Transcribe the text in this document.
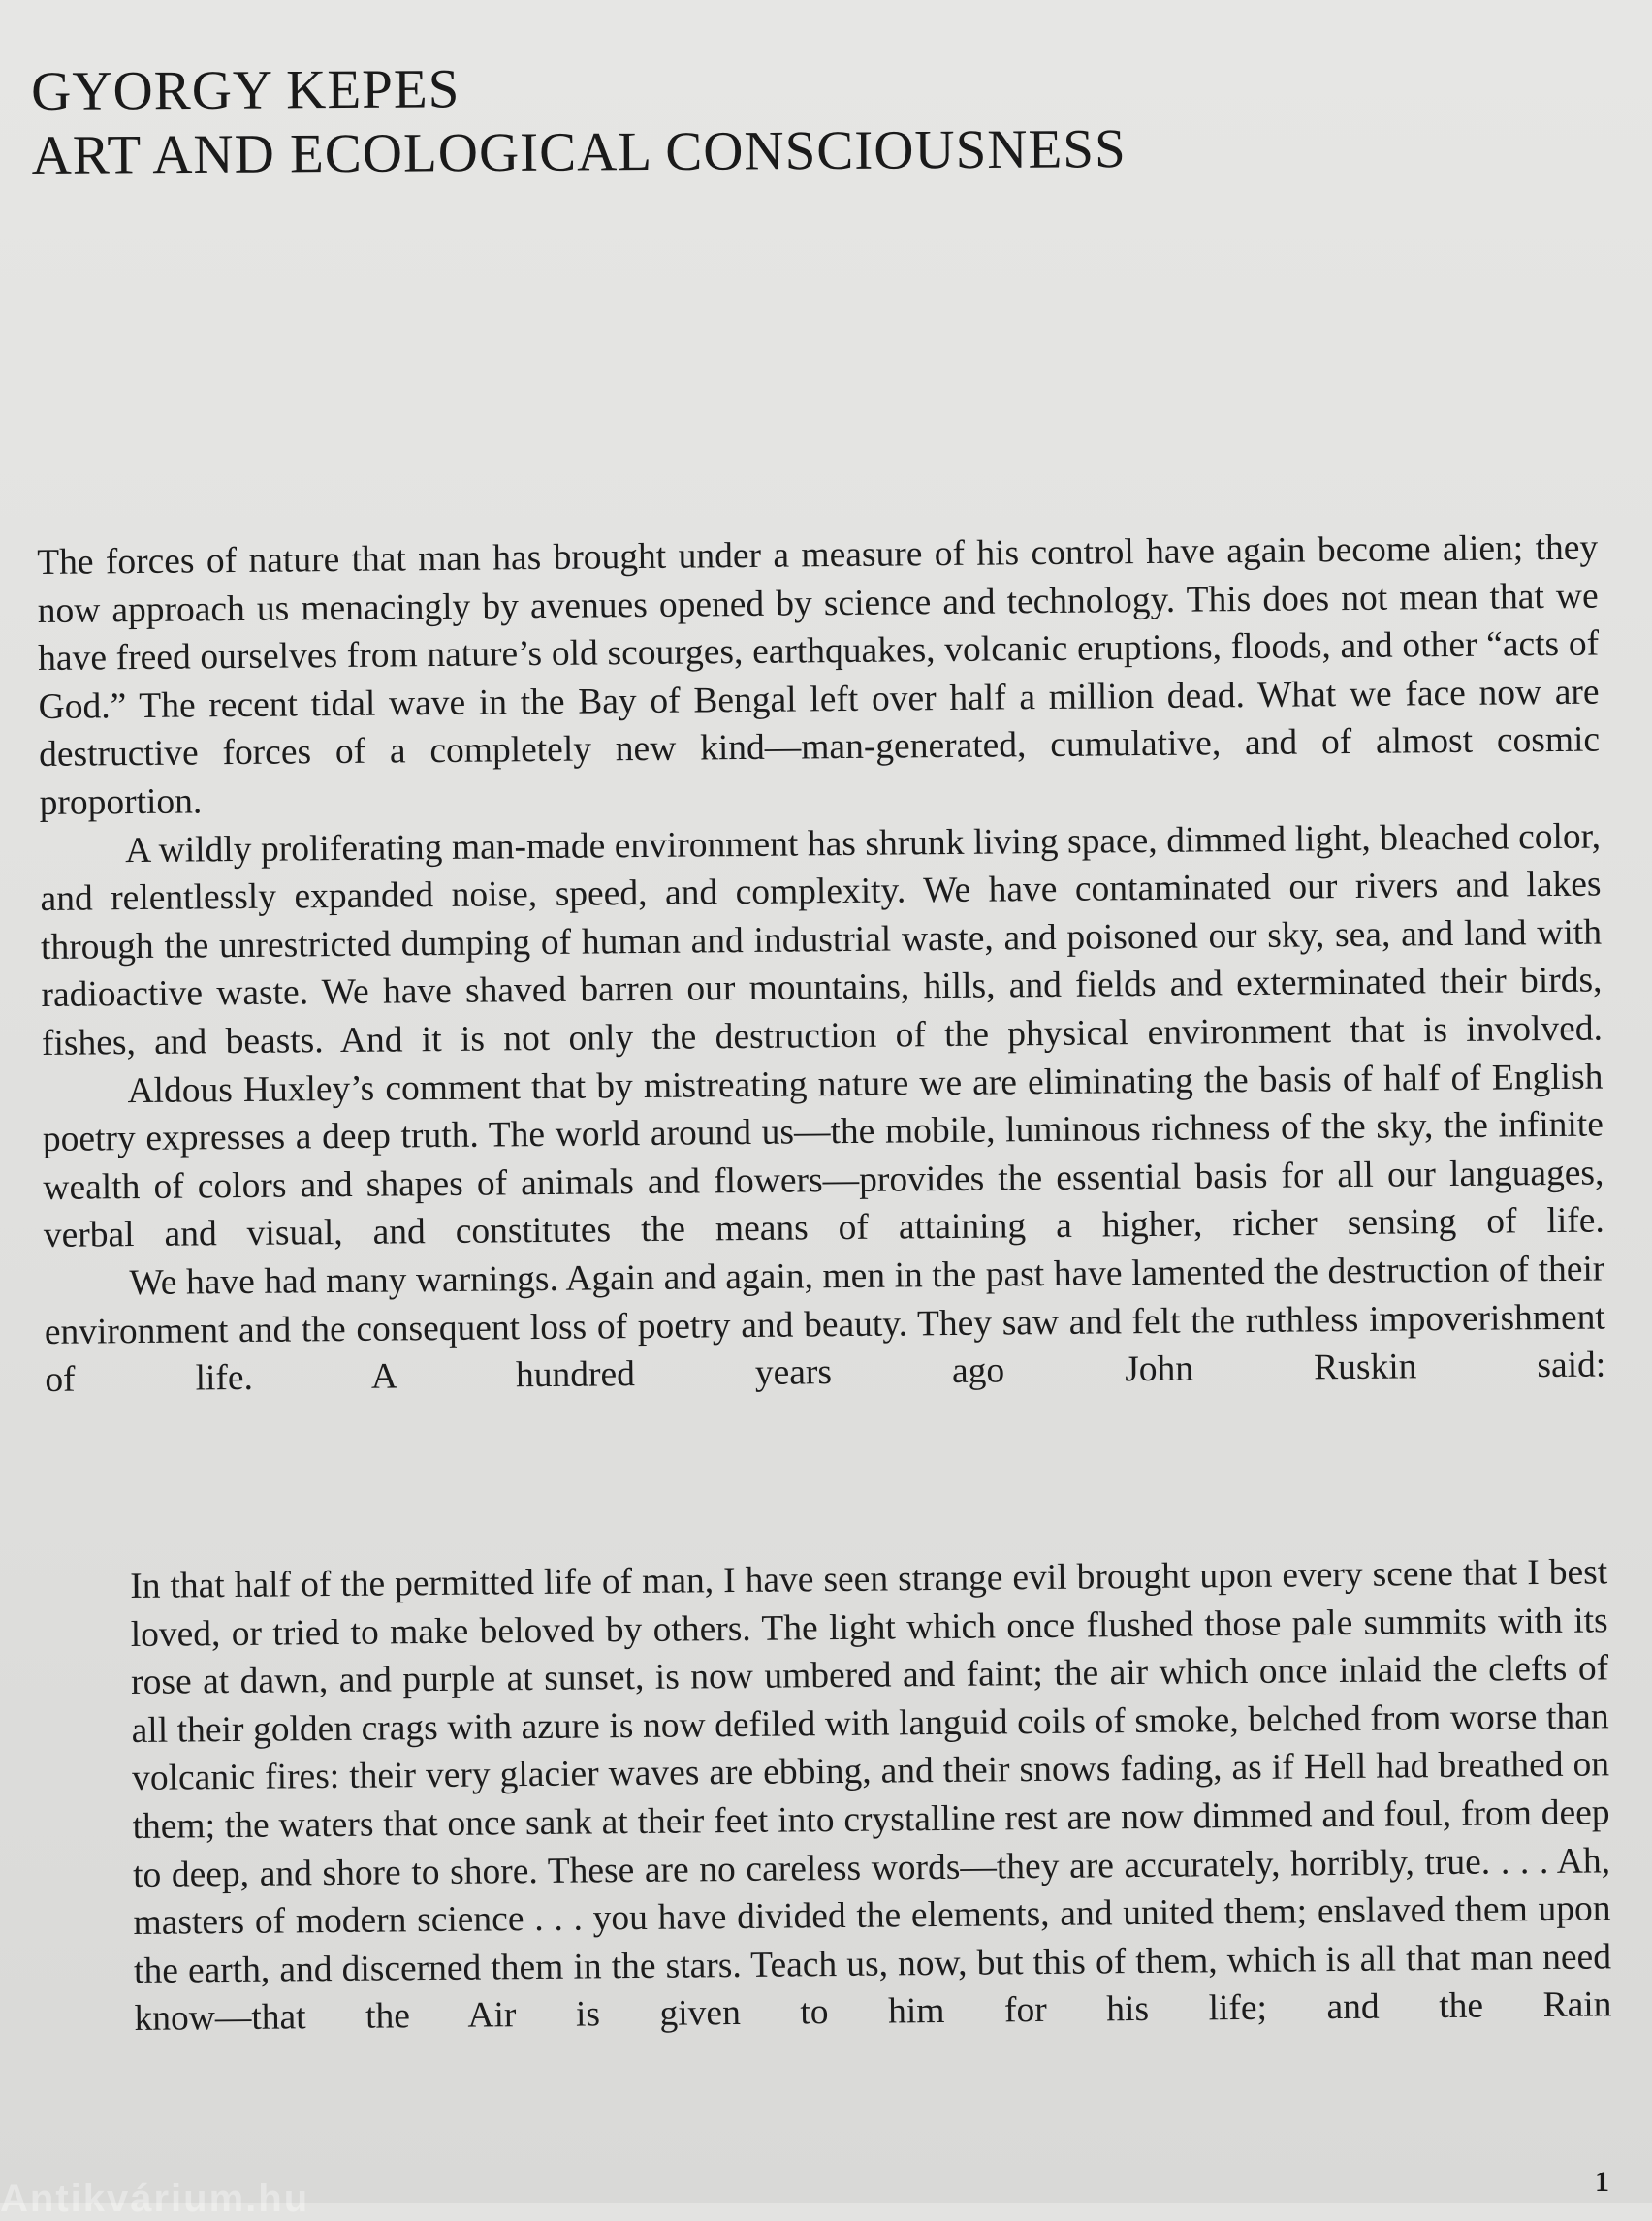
GYORGY KEPES
ART AND ECOLOGICAL CONSCIOUSNESS

The forces of nature that man has brought under a measure of his control have again become alien; they now approach us menacingly by avenues opened by science and technology. This does not mean that we have freed ourselves from nature’s old scourges, earthquakes, volcanic eruptions, floods, and other “acts of God.” The recent tidal wave in the Bay of Bengal left over half a million dead. What we face now are destructive forces of a completely new kind—man-generated, cumulative, and of almost cosmic proportion.

A wildly proliferating man-made environment has shrunk living space, dimmed light, bleached color, and relentlessly expanded noise, speed, and complexity. We have contaminated our rivers and lakes through the unrestricted dumping of human and industrial waste, and poisoned our sky, sea, and land with radioactive waste. We have shaved barren our mountains, hills, and fields and exterminated their birds, fishes, and beasts. And it is not only the destruction of the physical environment that is involved.

Aldous Huxley’s comment that by mistreating nature we are eliminating the basis of half of English poetry expresses a deep truth. The world around us—the mobile, luminous richness of the sky, the infinite wealth of colors and shapes of animals and flowers—provides the essential basis for all our languages, verbal and visual, and constitutes the means of attaining a higher, richer sensing of life.

We have had many warnings. Again and again, men in the past have lamented the destruction of their environment and the consequent loss of poetry and beauty. They saw and felt the ruthless impoverishment of life. A hundred years ago John Ruskin said:

In that half of the permitted life of man, I have seen strange evil brought upon every scene that I best loved, or tried to make beloved by others. The light which once flushed those pale summits with its rose at dawn, and purple at sunset, is now umbered and faint; the air which once inlaid the clefts of all their golden crags with azure is now defiled with languid coils of smoke, belched from worse than volcanic fires: their very glacier waves are ebbing, and their snows fading, as if Hell had breathed on them; the waters that once sank at their feet into crystalline rest are now dimmed and foul, from deep to deep, and shore to shore. These are no careless words—they are accurately, horribly, true. . . . Ah, masters of modern science . . . you have divided the elements, and united them; enslaved them upon the earth, and discerned them in the stars. Teach us, now, but this of them, which is all that man need know—that the Air is given to him for his life; and the Rain

1
Antikvárium.hu
